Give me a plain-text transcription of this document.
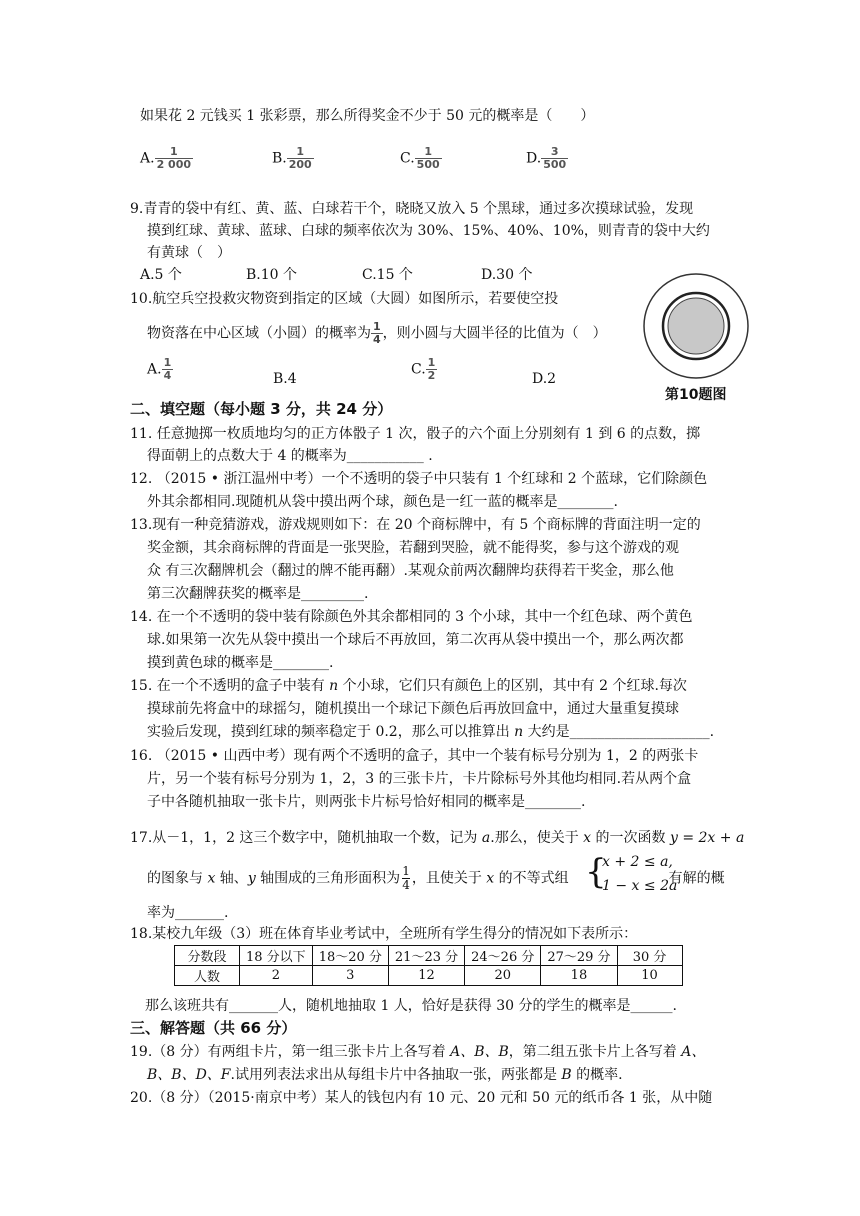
如果花 2 元钱买 1 张彩票，那么所得奖金不少于 50 元的概率是（　　）
A. $\frac{1}{2 000}$	B. $\frac{1}{200}$	C. $\frac{1}{500}$	D. $\frac{3}{500}$
9.青青的袋中有红、黄、蓝、白球若干个，晓晓又放入 5 个黑球，通过多次摸球试验，发现
摸到红球、黄球、蓝球、白球的频率依次为 30%、15%、40%、10%，则青青的袋中大约
有黄球（　）
A.5 个	B.10 个	C.15 个	D.30 个
10.航空兵空投救灾物资到指定的区域（大圆）如图所示，若要使空投
物资落在中心区域（小圆）的概率为 $\frac{1}{4}$ ，则小圆与大圆半径的比值为（　）
A. $\frac{1}{4}$	B.4
C. $\frac{1}{2}$	D.2
第10题图
二、填空题（每小题 3 分，共 24 分）
11. 任意抛掷一枚质地均匀的正方体骰子 1 次，骰子的六个面上分别刻有 1 到 6 的点数，掷
得面朝上的点数大于 4 的概率为___________ .
12. （2015 • 浙江温州中考）一个不透明的袋子中只装有 1 个红球和 2 个蓝球，它们除颜色
外其余都相同.现随机从袋中摸出两个球，颜色是一红一蓝的概率是________.
13.现有一种竞猜游戏，游戏规则如下：在 20 个商标牌中，有 5 个商标牌的背面注明一定的
奖金额，其余商标牌的背面是一张哭脸，若翻到哭脸，就不能得奖，参与这个游戏的观
众 有三次翻牌机会（翻过的牌不能再翻）.某观众前两次翻牌均获得若干奖金，那么他
第三次翻牌获奖的概率是_________.
14. 在一个不透明的袋中装有除颜色外其余都相同的 3 个小球，其中一个红色球、两个黄色
球.如果第一次先从袋中摸出一个球后不再放回，第二次再从袋中摸出一个，那么两次都
摸到黄色球的概率是________.
15. 在一个不透明的盒子中装有 n 个小球，它们只有颜色上的区别，其中有 2 个红球.每次
摸球前先将盒中的球摇匀，随机摸出一个球记下颜色后再放回盒中，通过大量重复摸球
实验后发现，摸到红球的频率稳定于 0.2，那么可以推算出 n 大约是____________________.
16. （2015 • 山西中考）现有两个不透明的盒子，其中一个装有标号分别为 1，2 的两张卡
片，另一个装有标号分别为 1，2，3 的三张卡片，卡片除标号外其他均相同.若从两个盒
子中各随机抽取一张卡片，则两张卡片标号恰好相同的概率是________.
17.从－1，1，2 这三个数字中，随机抽取一个数，记为 a.那么，使关于 x 的一次函数 y = 2x + a
的图象与 x 轴、y 轴围成的三角形面积为 $\frac{1}{4}$ ，且使关于 x 的不等式组	有解的概
{
x + 2 ≤ a,
1 − x ≤ 2a
率为_______.
18.某校九年级（3）班在体育毕业考试中，全班所有学生得分的情况如下表所示：
分数段	18 分以下	18～20 分	21～23 分	24～26 分	27～29 分	30 分
人数	2	3	12	20	18	10
那么该班共有_______人，随机地抽取 1 人，恰好是获得 30 分的学生的概率是______.
三、解答题（共 66 分）
19.（8 分）有两组卡片，第一组三张卡片上各写着 A、B、B，第二组五张卡片上各写着 A、
B、B、D、F.试用列表法求出从每组卡片中各抽取一张，两张都是 B 的概率.
20.（8 分）（2015·南京中考）某人的钱包内有 10 元、20 元和 50 元的纸币各 1 张，从中随
